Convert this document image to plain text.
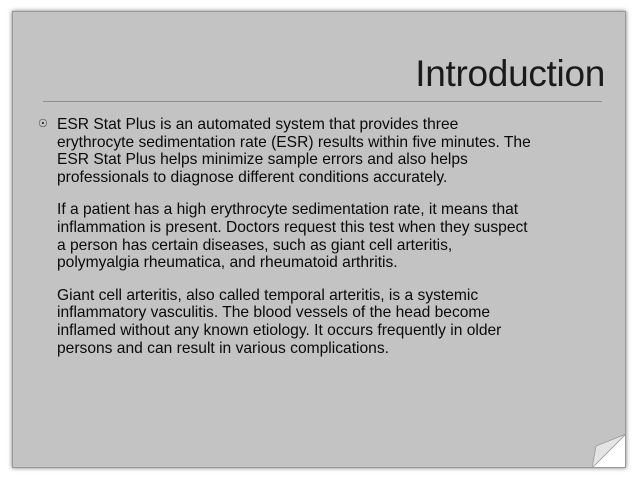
Introduction

☉ ESR Stat Plus is an automated system that provides three
erythrocyte sedimentation rate (ESR) results within five minutes. The
ESR Stat Plus helps minimize sample errors and also helps
professionals to diagnose different conditions accurately.

If a patient has a high erythrocyte sedimentation rate, it means that
inflammation is present. Doctors request this test when they suspect
a person has certain diseases, such as giant cell arteritis,
polymyalgia rheumatica, and rheumatoid arthritis.

Giant cell arteritis, also called temporal arteritis, is a systemic
inflammatory vasculitis. The blood vessels of the head become
inflamed without any known etiology. It occurs frequently in older
persons and can result in various complications.
